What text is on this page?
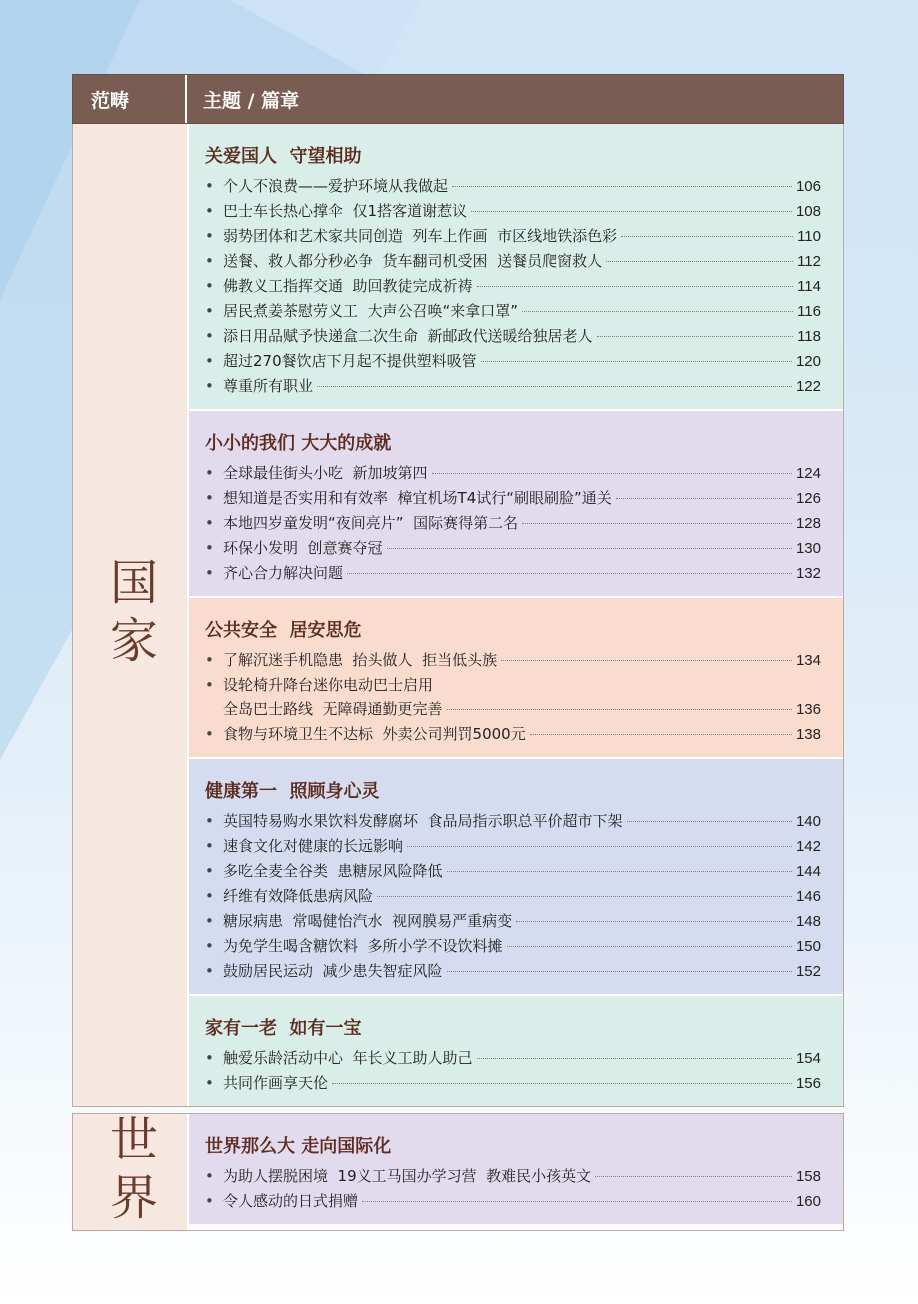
范畴	主题 / 篇章
国家
关爱国人  守望相助
• 个人不浪费——爱护环境从我做起	106
• 巴士车长热心撑伞  仅1搭客道谢惹议	108
• 弱势团体和艺术家共同创造  列车上作画  市区线地铁添色彩	110
• 送餐、救人都分秒必争  货车翻司机受困  送餐员爬窗救人	112
• 佛教义工指挥交通  助回教徒完成祈祷	114
• 居民煮姜茶慰劳义工  大声公召唤“来拿口罩”	116
• 添日用品赋予快递盒二次生命  新邮政代送暖给独居老人	118
• 超过270餐饮店下月起不提供塑料吸管	120
• 尊重所有职业	122
小小的我们 大大的成就
• 全球最佳街头小吃  新加坡第四	124
• 想知道是否实用和有效率  樟宜机场T4试行“刷眼刷脸”通关	126
• 本地四岁童发明“夜间亮片”  国际赛得第二名	128
• 环保小发明  创意赛夺冠	130
• 齐心合力解决问题	132
公共安全  居安思危
• 了解沉迷手机隐患  抬头做人  拒当低头族	134
• 设轮椅升降台迷你电动巴士启用
全岛巴士路线  无障碍通勤更完善	136
• 食物与环境卫生不达标  外卖公司判罚5000元	138
健康第一  照顾身心灵
• 英国特易购水果饮料发酵腐坏  食品局指示职总平价超市下架	140
• 速食文化对健康的长远影响	142
• 多吃全麦全谷类  患糖尿风险降低	144
• 纤维有效降低患病风险	146
• 糖尿病患  常喝健怡汽水  视网膜易严重病变	148
• 为免学生喝含糖饮料  多所小学不设饮料摊	150
• 鼓励居民运动  减少患失智症风险	152
家有一老  如有一宝
• 触爱乐龄活动中心  年长义工助人助己	154
• 共同作画享天伦	156
世界	世界那么大 走向国际化
• 为助人摆脱困境  19义工马国办学习营  教难民小孩英文	158
• 令人感动的日式捐赠	160
